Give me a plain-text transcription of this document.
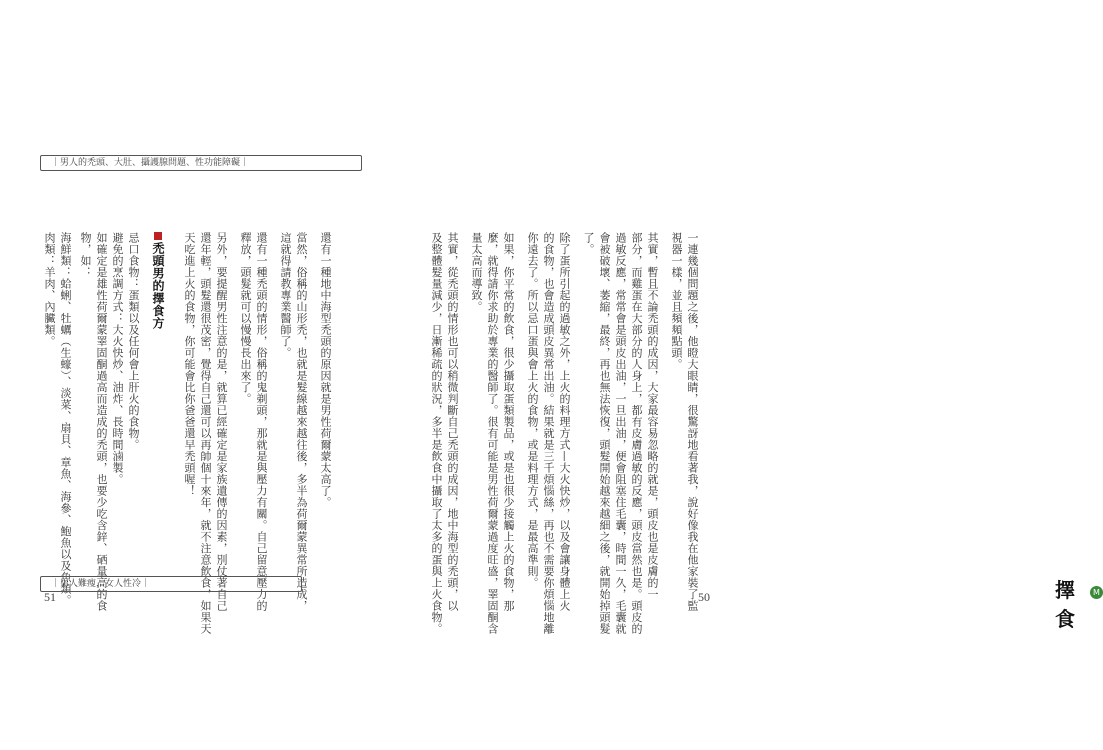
一連幾個問題之後，他瞪大眼睛，很驚訝地看著我，說好像我在他家裝了監
視器一樣，並且頻頻點頭。
其實，暫且不論禿頭的成因，大家最容易忽略的就是，頭皮也是皮膚的一
部分，而雞蛋在大部分的人身上，都有皮膚過敏的反應，頭皮當然也是。頭皮的
過敏反應，常常會是頭皮出油，一旦出油，便會阻塞住毛囊，時間一久，毛囊就
會被破壞、萎縮，最終，再也無法恢復，頭髮開始越來越細之後，就開始掉頭髮
了。
除了蛋所引起的過敏之外，上火的料理方式—大火快炒，以及會讓身體上火
的食物，也會造成頭皮異常出油。結果就是三千煩惱絲，再也不需要你煩惱地離
你遠去了。所以忌口蛋與會上火的食物，或是料理方式，是最高準則。
如果，你平常的飲食，很少攝取蛋類製品，或是也很少接觸上火的食物，那
麼，就得請你求助於專業的醫師了。很有可能是男性荷爾蒙過度旺盛，睪固酮含
量太高而導致。
其實，從禿頭的情形也可以稍微判斷自己禿頭的成因，地中海型的禿頭，以
及整體髮量減少，日漸稀疏的狀況，多半是飲食中攝取了太多的蛋與上火食物。	擇食
M
50
｜男人的禿頭、大肚、攝護腺問題、性功能障礙｜
還有一種地中海型禿頭的原因就是男性荷爾蒙太高了。
當然，俗稱的山形禿，也就是髮線越來越往後，多半為荷爾蒙異常所造成，
這就得請教專業醫師了。
還有一種禿頭的情形，俗稱的鬼剃頭，那就是與壓力有關。自己留意壓力的
釋放，頭髮就可以慢慢長出來了。
另外，要提醒男性注意的是，就算已經確定是家族遺傳的因素，別仗著自己
還年輕，頭髮還很茂密，覺得自己還可以再帥個十來年，就不注意飲食，如果天
天吃進上火的食物，你可能會比你爸爸還早禿頭喔！
禿頭男的擇食方
忌口食物：蛋類以及任何會上肝火的食物。
避免的烹調方式：大火快炒、油炸、長時間滷製。
如確定是雄性荷爾蒙睪固酮過高而造成的禿頭，也要少吃含鋅、硒量高的食
物，如：
海鮮類：蛤蜊、牡蠣（生蠔）、淡菜、扇貝、章魚、海參、鮑魚以及魚類。
肉類：羊肉、內臟類。
｜男人難瘦，女人性冷｜
51
